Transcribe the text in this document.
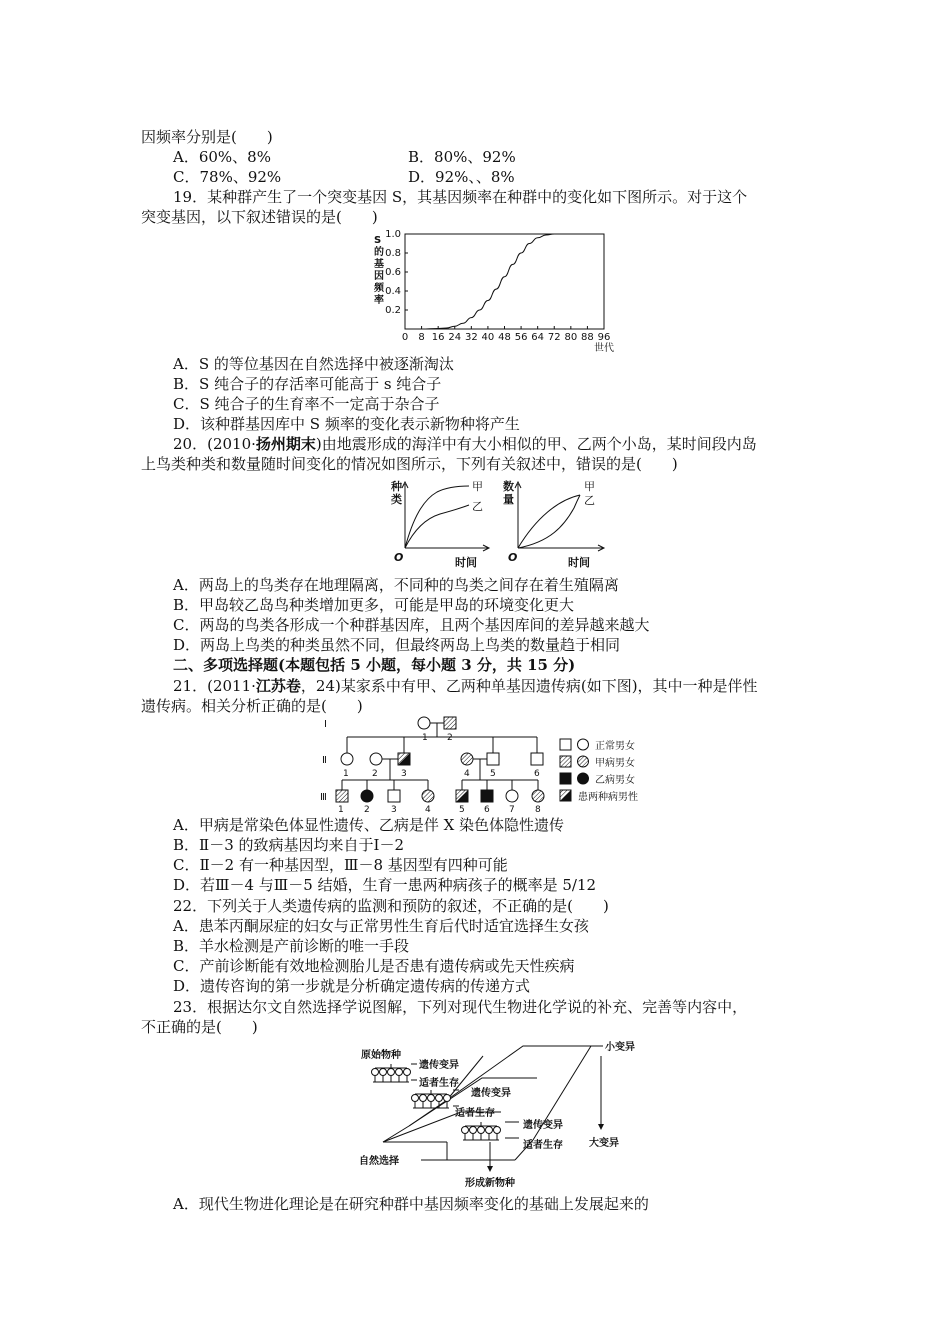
因频率分别是(　　)
A．60%、8%	B．80%、92%
C．78%、92%	D．92%、、8%
19．某种群产生了一个突变基因 S，其基因频率在种群中的变化如下图所示。对于这个
突变基因，以下叙述错误的是(　　)
S
的
基
因
频
率
0.2
0.4
0.6
0.8
1.0
0 8 16 24 32 40 48 56 64 72 80 88 96
世代
A．S 的等位基因在自然选择中被逐渐淘汰
B．S 纯合子的存活率可能高于 s 纯合子
C．S 纯合子的生育率不一定高于杂合子
D．该种群基因库中 S 频率的变化表示新物种将产生
20．(2010·扬州期末)由地震形成的海洋中有大小相似的甲、乙两个小岛，某时间段内岛
上鸟类种类和数量随时间变化的情况如图所示，下列有关叙述中，错误的是(　　)
种
类
甲
乙
O	时间
数
量
甲
乙
O	时间
A．两岛上的鸟类存在地理隔离，不同种的鸟类之间存在着生殖隔离
B．甲岛较乙岛鸟种类增加更多，可能是甲岛的环境变化更大
C．两岛的鸟类各形成一个种群基因库，且两个基因库间的差异越来越大
D．两岛上鸟类的种类虽然不同，但最终两岛上鸟类的数量趋于相同
二、多项选择题(本题包括 5 小题，每小题 3 分，共 15 分)
21．(2011·江苏卷，24)某家系中有甲、乙两种单基因遗传病(如下图)，其中一种是伴性
遗传病。相关分析正确的是(　　)
Ⅰ
Ⅱ
Ⅲ
1 2
1	2	3	4 5	6
1 2 3	4	5 6 7 8
正常男女
甲病男女
乙病男女
患两种病男性
A．甲病是常染色体显性遗传、乙病是伴 X 染色体隐性遗传
B．Ⅱ－3 的致病基因均来自于Ⅰ－2
C．Ⅱ－2 有一种基因型，Ⅲ－8 基因型有四种可能
D．若Ⅲ－4 与Ⅲ－5 结婚，生育一患两种病孩子的概率是 5/12
22．下列关于人类遗传病的监测和预防的叙述，不正确的是(　　)
A．患苯丙酮尿症的妇女与正常男性生育后代时适宜选择生女孩
B．羊水检测是产前诊断的唯一手段
C．产前诊断能有效地检测胎儿是否患有遗传病或先天性疾病
D．遗传咨询的第一步就是分析确定遗传病的传递方式
23．根据达尔文自然选择学说图解，下列对现代生物进化学说的补充、完善等内容中，
不正确的是(　　)
原始物种
遗传变异
适者生存
遗传变异
适者生存
遗传变异
适者生存
自然选择
形成新物种
小变异
大变异
A．现代生物进化理论是在研究种群中基因频率变化的基础上发展起来的
